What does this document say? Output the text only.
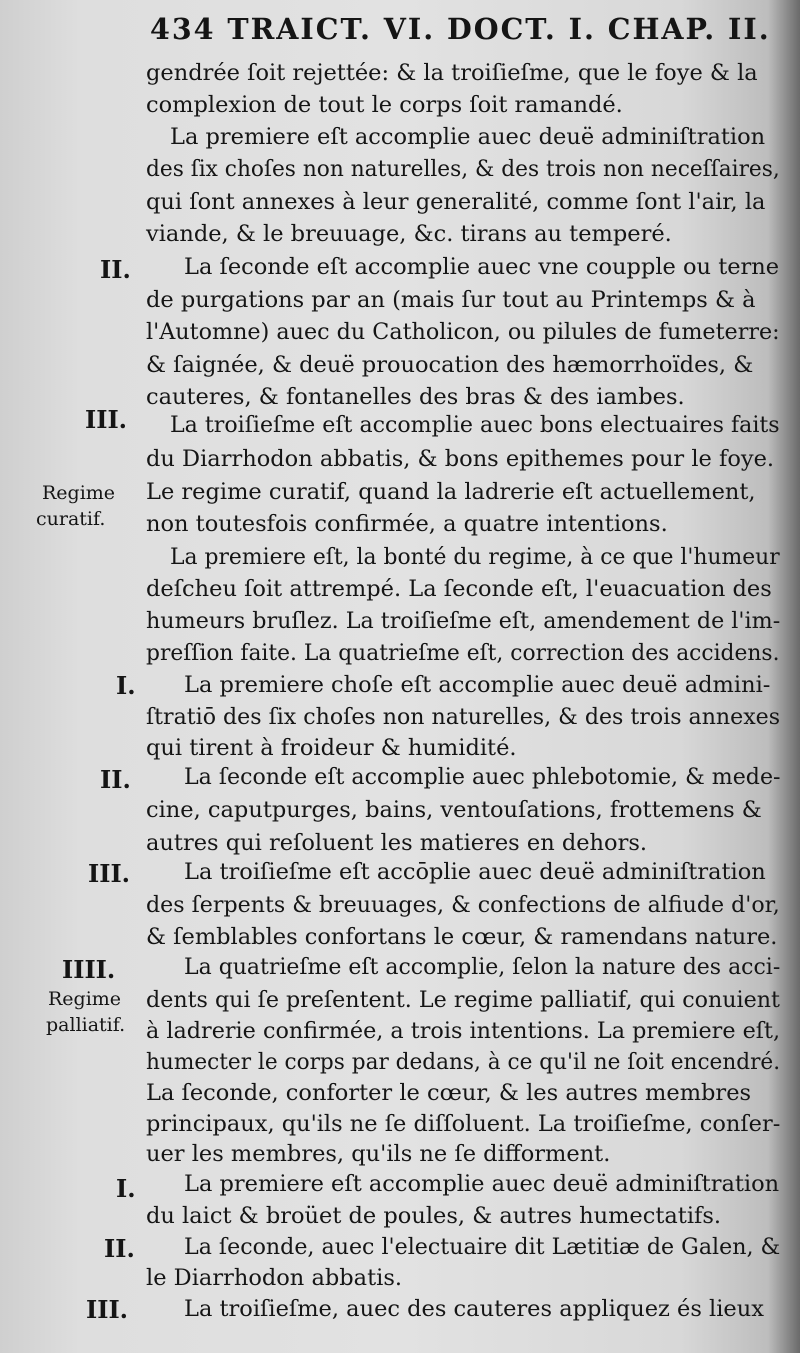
434 TRAICT. VI. DOCT. I. CHAP. II.
gendrée ſoit rejettée: & la troiſieſme, que le foye & la
complexion de tout le corps ſoit ramandé.
La premiere eſt accomplie auec deuë adminiſtration
des ſix choſes non naturelles, & des trois non neceſſaires,
qui ſont annexes à leur generalité, comme ſont l'air, la
viande, & le breuuage, &c. tirans au temperé.
La ſeconde eſt accomplie auec vne coupple ou terne
de purgations par an (mais ſur tout au Printemps & à
l'Automne) auec du Catholicon, ou pilules de fumeterre:
& ſaignée, & deuë prouocation des hæmorrhoïdes, &
cauteres, & fontanelles des bras & des iambes.
La troiſieſme eſt accomplie auec bons electuaires faits
du Diarrhodon abbatis, & bons epithemes pour le foye.
Le regime curatif, quand la ladrerie eſt actuellement,
non toutesfois confirmée, a quatre intentions.
La premiere eſt, la bonté du regime, à ce que l'humeur
deſcheu ſoit attrempé. La ſeconde eſt, l'euacuation des
humeurs bruſlez. La troiſieſme eſt, amendement de l'im-
preſſion faite. La quatrieſme eſt, correction des accidens.
La premiere choſe eſt accomplie auec deuë admini-
ſtratiō des ſix choſes non naturelles, & des trois annexes
qui tirent à froideur & humidité.
La ſeconde eſt accomplie auec phlebotomie, & mede-
cine, caputpurges, bains, ventouſations, frottemens &
autres qui reſoluent les matieres en dehors.
La troiſieſme eſt accōplie auec deuë adminiſtration
des ſerpents & breuuages, & confections de alfiude d'or,
& ſemblables confortans le cœur, & ramendans nature.
La quatrieſme eſt accomplie, ſelon la nature des acci-
dents qui ſe preſentent. Le regime palliatif, qui conuient
à ladrerie confirmée, a trois intentions. La premiere eſt,
humecter le corps par dedans, à ce qu'il ne ſoit encendré.
La ſeconde, conforter le cœur, & les autres membres
principaux, qu'ils ne ſe diſſoluent. La troiſieſme, conſer-
uer les membres, qu'ils ne ſe difforment.
La premiere eſt accomplie auec deuë adminiſtration
du laict & broüet de poules, & autres humectatifs.
La ſeconde, auec l'electuaire dit Lætitiæ de Galen, &
le Diarrhodon abbatis.
La troiſieſme, auec des cauteres appliquez és lieux
II.
III.
I.
II.
III.
IIII.
I.
II.
III.
Regime
curatif.
Regime
palliatif.
